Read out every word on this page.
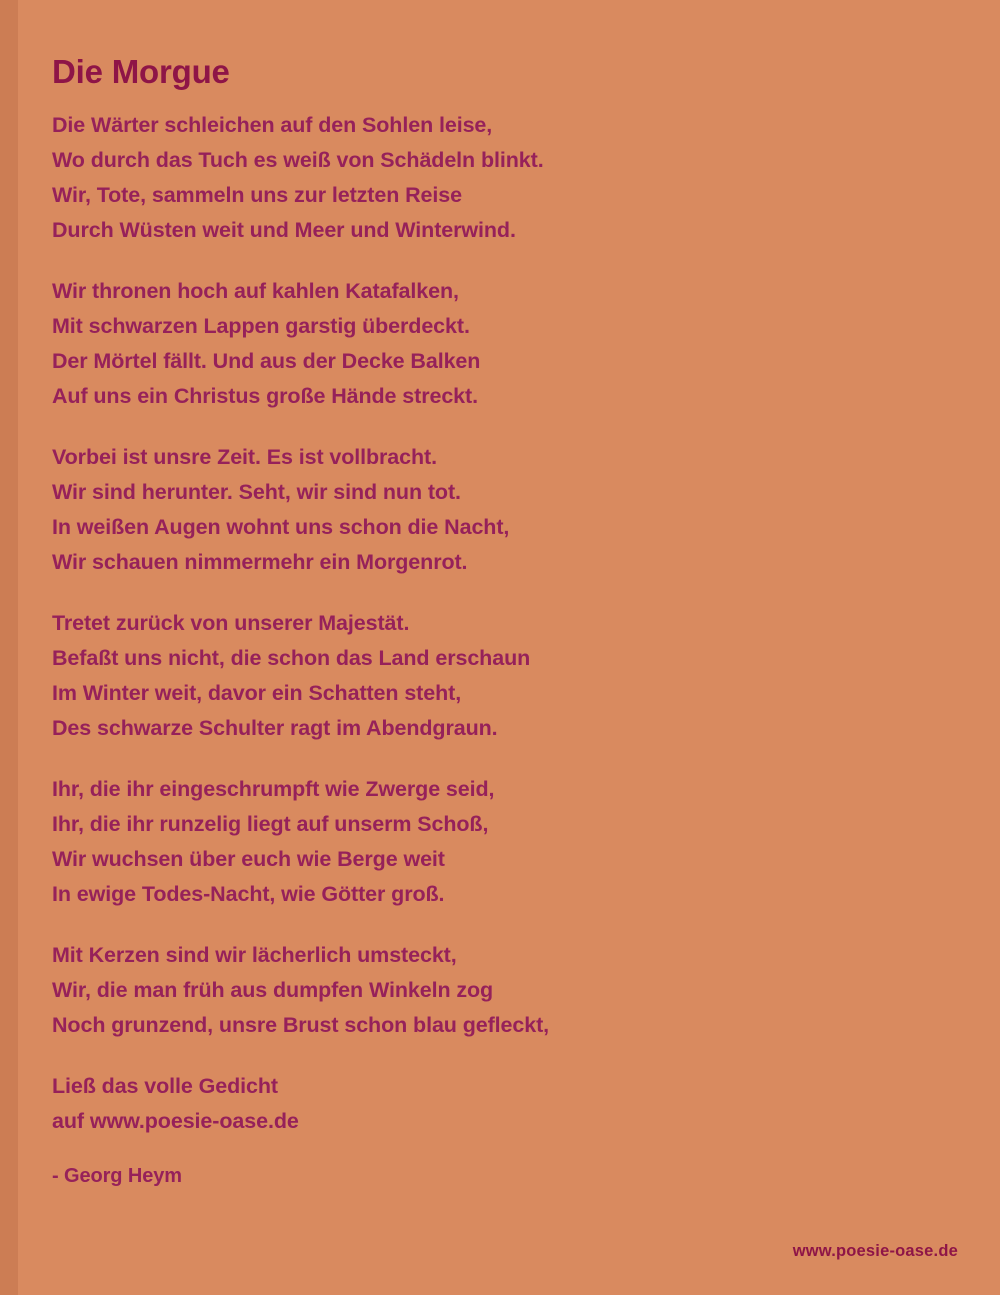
Die Morgue
Die Wärter schleichen auf den Sohlen leise,
Wo durch das Tuch es weiß von Schädeln blinkt.
Wir, Tote, sammeln uns zur letzten Reise
Durch Wüsten weit und Meer und Winterwind.
Wir thronen hoch auf kahlen Katafalken,
Mit schwarzen Lappen garstig überdeckt.
Der Mörtel fällt. Und aus der Decke Balken
Auf uns ein Christus große Hände streckt.
Vorbei ist unsre Zeit. Es ist vollbracht.
Wir sind herunter. Seht, wir sind nun tot.
In weißen Augen wohnt uns schon die Nacht,
Wir schauen nimmermehr ein Morgenrot.
Tretet zurück von unserer Majestät.
Befaßt uns nicht, die schon das Land erschaun
Im Winter weit, davor ein Schatten steht,
Des schwarze Schulter ragt im Abendgraun.
Ihr, die ihr eingeschrumpft wie Zwerge seid,
Ihr, die ihr runzelig liegt auf unserm Schoß,
Wir wuchsen über euch wie Berge weit
In ewige Todes-Nacht, wie Götter groß.
Mit Kerzen sind wir lächerlich umsteckt,
Wir, die man früh aus dumpfen Winkeln zog
Noch grunzend, unsre Brust schon blau gefleckt,
Ließ das volle Gedicht
auf www.poesie-oase.de
- Georg Heym
www.poesie-oase.de
